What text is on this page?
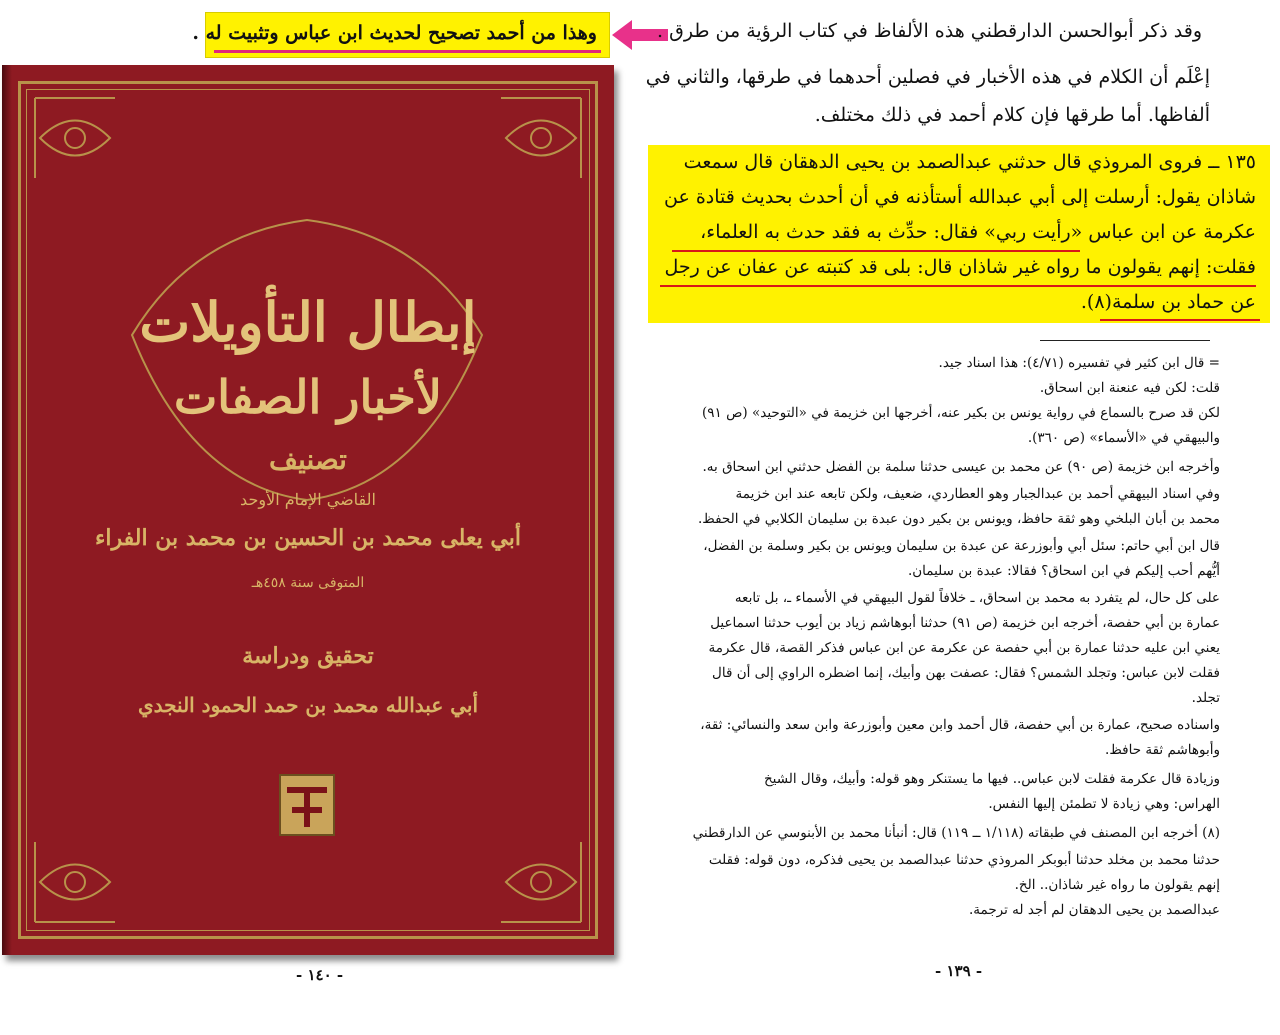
إبطال التأويلات
لأخبار الصفات
تصنيف
القاضي الإمام الأوحد
أبي يعلى محمد بن الحسين بن محمد بن الفراء
المتوفى سنة ٤٥٨هـ
تحقيق ودراسة
أبي عبدالله محمد بن حمد الحمود النجدي
وهذا من أحمد تصحيح لحديث ابن عباس وتثبيت له .	وقد ذكر أبوالحسن الدارقطني هذه الألفاظ في كتاب الرؤية من طرق .
إعْلَم أن الكلام في هذه الأخبار في فصلين أحدهما في طرقها، والثاني في
ألفاظها. أما طرقها فإن كلام أحمد في ذلك مختلف.
١٣٥ ــ فروى المروذي قال حدثني عبدالصمد بن يحيى الدهقان قال سمعت
شاذان يقول: أرسلت إلى أبي عبدالله أستأذنه في أن أحدث بحديث قتادة عن
عكرمة عن ابن عباس «رأيت ربي» فقال: حدِّث به فقد حدث به العلماء،
فقلت: إنهم يقولون ما رواه غير شاذان قال: بلى قد كتبته عن عفان عن رجل
عن حماد بن سلمة(٨).
= قال ابن كثير في تفسيره (٤/٧١): هذا اسناد جيد.
قلت: لكن فيه عنعنة ابن اسحاق.
لكن قد صرح بالسماع في رواية يونس بن بكير عنه، أخرجها ابن خزيمة في «التوحيد» (ص ٩١)
والبيهقي في «الأسماء» (ص ٣٦٠).
وأخرجه ابن خزيمة (ص ٩٠) عن محمد بن عيسى حدثنا سلمة بن الفضل حدثني ابن اسحاق به.
وفي اسناد البيهقي أحمد بن عبدالجبار وهو العطاردي، ضعيف، ولكن تابعه عند ابن خزيمة
محمد بن أبان البلخي وهو ثقة حافظ، ويونس بن بكير دون عبدة بن سليمان الكلابي في الحفظ.
قال ابن أبي حاتم: سئل أبي وأبوزرعة عن عبدة بن سليمان ويونس بن بكير وسلمة بن الفضل،
أيُّهم أحب إليكم في ابن اسحاق؟ فقالا: عبدة بن سليمان.
على كل حال، لم يتفرد به محمد بن اسحاق، ـ خلافاً لقول البيهقي في الأسماء ـ، بل تابعه
عمارة بن أبي حفصة، أخرجه ابن خزيمة (ص ٩١) حدثنا أبوهاشم زياد بن أيوب حدثنا اسماعيل
يعني ابن عليه حدثنا عمارة بن أبي حفصة عن عكرمة عن ابن عباس فذكر القصة، قال عكرمة
فقلت لابن عباس: وتجلد الشمس؟ فقال: عصفت بهن وأبيك، إنما اضطره الراوي إلى أن قال
تجلد.
واسناده صحيح، عمارة بن أبي حفصة، قال أحمد وابن معين وأبوزرعة وابن سعد والنسائي: ثقة،
وأبوهاشم ثقة حافظ.
وزيادة قال عكرمة فقلت لابن عباس.. فيها ما يستنكر وهو قوله: وأبيك، وقال الشيخ
الهراس: وهي زيادة لا تطمئن إليها النفس.
(٨) أخرجه ابن المصنف في طبقاته (١/١١٨ ــ ١١٩) قال: أنبأنا محمد بن الأبنوسي عن الدارقطني
حدثنا محمد بن مخلد حدثنا أبوبكر المروذي حدثنا عبدالصمد بن يحيى فذكره، دون قوله: فقلت
إنهم يقولون ما رواه غير شاذان.. الخ.
عبدالصمد بن يحيى الدهقان لم أجد له ترجمة.
- ١٣٩ -
- ١٤٠ -
